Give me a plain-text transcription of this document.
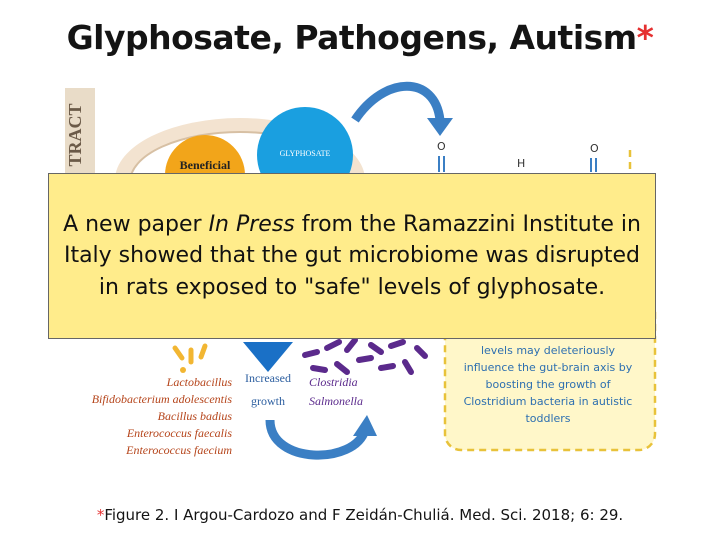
Glyphosate, Pathogens, Autism*
TRACT	Beneficial
GLYPHOSATE
O
H
O
Lactobacillus
Bifidobacterium adolescentis
Bacillus badius
Enterococcus faecalis
Enterococcus faecium
Increased
growth
Clostridia
Salmonella
levels may deleteriously
influence the gut-brain axis by
boosting the growth of
Clostridium bacteria in autistic
toddlers
A new paper In Press from the Ramazzini Institute in Italy showed that the gut microbiome was disrupted in rats exposed to "safe" levels of glyphosate.
*Figure 2. I Argou-Cardozo and F Zeidán-Chuliá. Med. Sci. 2018; 6: 29.
